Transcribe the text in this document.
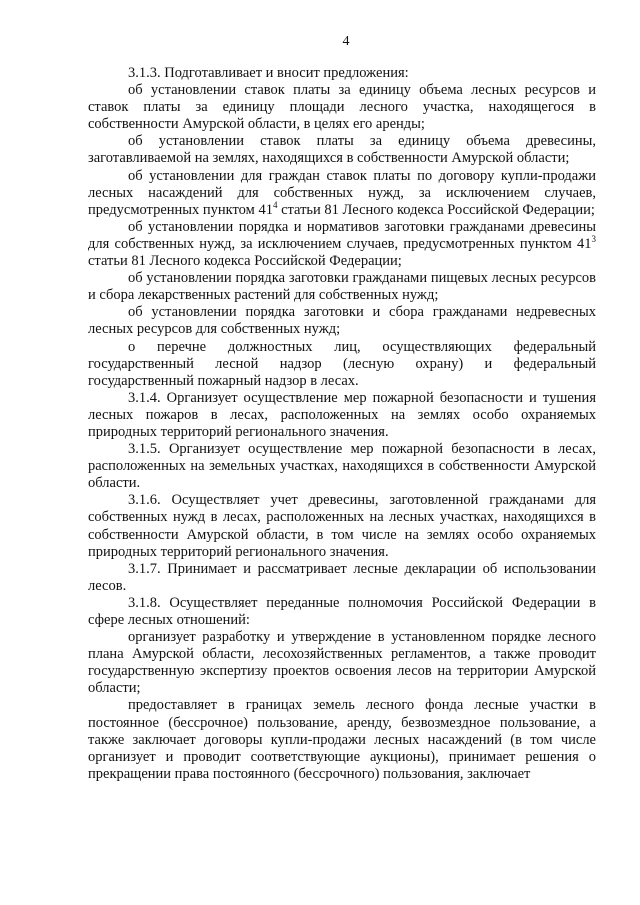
4

3.1.3. Подготавливает и вносит предложения:

об установлении ставок платы за единицу объема лесных ресурсов и ставок платы за единицу площади лесного участка, находящегося в собственности Амурской области, в целях его аренды;

об установлении ставок платы за единицу объема древесины, заготавливаемой на землях, находящихся в собственности Амурской области;

об установлении для граждан ставок платы по договору купли-продажи лесных насаждений для собственных нужд, за исключением случаев, предусмотренных пунктом $41^4$ статьи 81 Лесного кодекса Российской Федерации;

об установлении порядка и нормативов заготовки гражданами древесины для собственных нужд, за исключением случаев, предусмотренных пунктом $41^3$ статьи 81 Лесного кодекса Российской Федерации;

об установлении порядка заготовки гражданами пищевых лесных ресурсов и сбора лекарственных растений для собственных нужд;

об установлении порядка заготовки и сбора гражданами недревесных лесных ресурсов для собственных нужд;

о перечне должностных лиц, осуществляющих федеральный государственный лесной надзор (лесную охрану) и федеральный государственный пожарный надзор в лесах.

3.1.4. Организует осуществление мер пожарной безопасности и тушения лесных пожаров в лесах, расположенных на землях особо охраняемых природных территорий регионального значения.

3.1.5. Организует осуществление мер пожарной безопасности в лесах, расположенных на земельных участках, находящихся в собственности Амурской области.

3.1.6. Осуществляет учет древесины, заготовленной гражданами для собственных нужд в лесах, расположенных на лесных участках, находящихся в собственности Амурской области, в том числе на землях особо охраняемых природных территорий регионального значения.

3.1.7. Принимает и рассматривает лесные декларации об использовании лесов.

3.1.8. Осуществляет переданные полномочия Российской Федерации в сфере лесных отношений:

организует разработку и утверждение в установленном порядке лесного плана Амурской области, лесохозяйственных регламентов, а также проводит государственную экспертизу проектов освоения лесов на территории Амурской области;

предоставляет в границах земель лесного фонда лесные участки в постоянное (бессрочное) пользование, аренду, безвозмездное пользование, а также заключает договоры купли-продажи лесных насаждений (в том числе организует и проводит соответствующие аукционы), принимает решения о прекращении права постоянного (бессрочного) пользования, заключает
